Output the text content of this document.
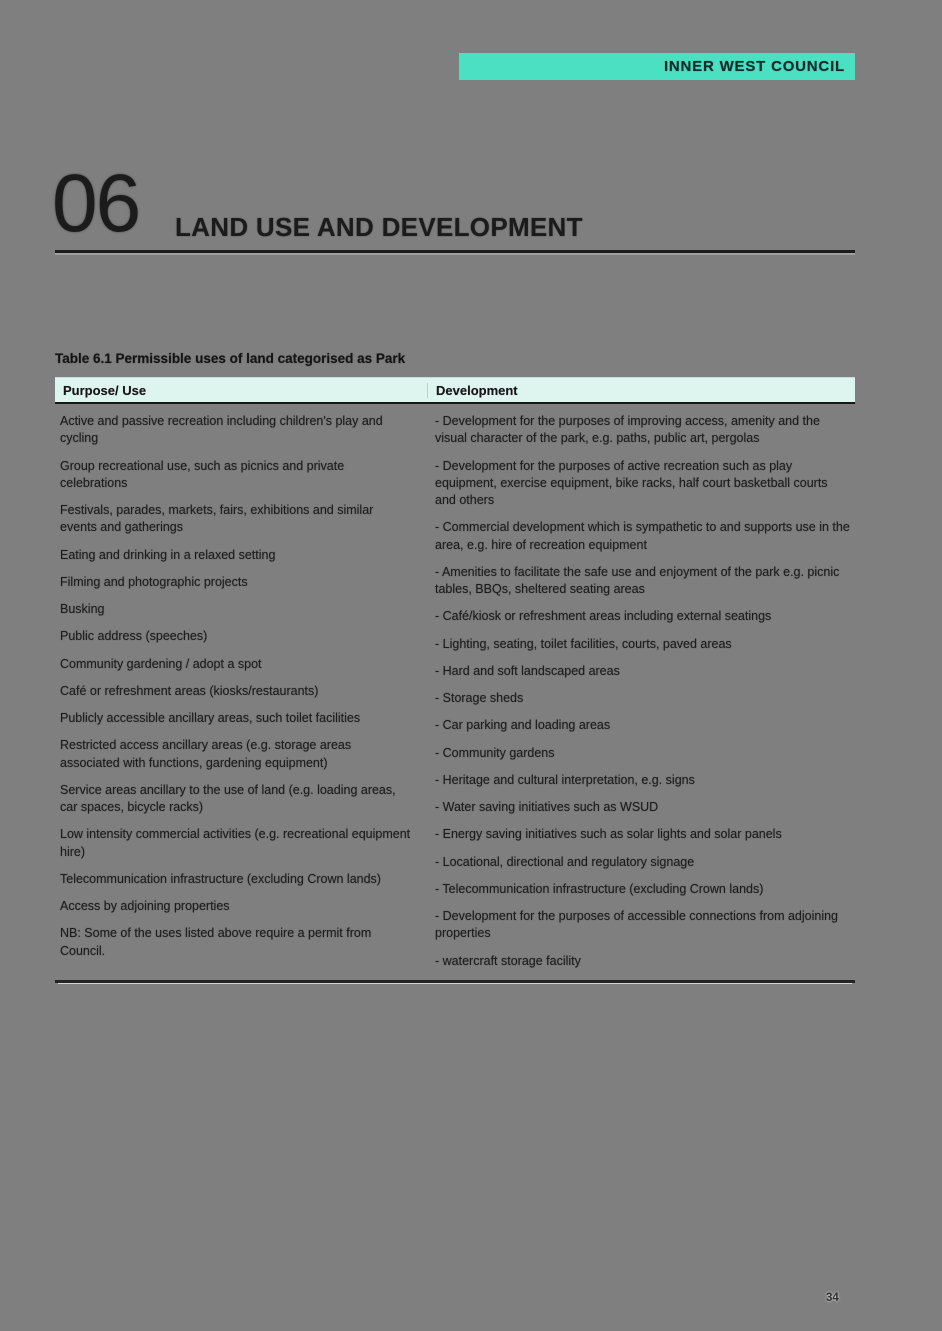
INNER WEST COUNCIL
06 LAND USE AND DEVELOPMENT
Table 6.1 Permissible uses of land categorised as Park
Purpose/ Use	Development
Active and passive recreation including children's play and cycling
Group recreational use, such as picnics and private celebrations
Festivals, parades, markets, fairs, exhibitions and similar events and gatherings
Eating and drinking in a relaxed setting
Filming and photographic projects
Busking
Public address (speeches)
Community gardening / adopt a spot
Café or refreshment areas (kiosks/restaurants)
Publicly accessible ancillary areas, such toilet facilities
Restricted access ancillary areas (e.g. storage areas associated with functions, gardening equipment)
Service areas ancillary to the use of land (e.g. loading areas, car spaces, bicycle racks)
Low intensity commercial activities (e.g. recreational equipment hire)
Telecommunication infrastructure (excluding Crown lands)
Access by adjoining properties
NB: Some of the uses listed above require a permit from Council.
- Development for the purposes of improving access, amenity and the visual character of the park, e.g. paths, public art, pergolas
- Development for the purposes of active recreation such as play equipment, exercise equipment, bike racks, half court basketball courts and others
- Commercial development which is sympathetic to and supports use in the area, e.g. hire of recreation equipment
- Amenities to facilitate the safe use and enjoyment of the park e.g. picnic tables, BBQs, sheltered seating areas
- Café/kiosk or refreshment areas including external seatings
- Lighting, seating, toilet facilities, courts, paved areas
- Hard and soft landscaped areas
- Storage sheds
- Car parking and loading areas
- Community gardens
- Heritage and cultural interpretation, e.g. signs
- Water saving initiatives such as WSUD
- Energy saving initiatives such as solar lights and solar panels
- Locational, directional and regulatory signage
- Telecommunication infrastructure (excluding Crown lands)
- Development for the purposes of accessible connections from adjoining properties
- watercraft storage facility
34
